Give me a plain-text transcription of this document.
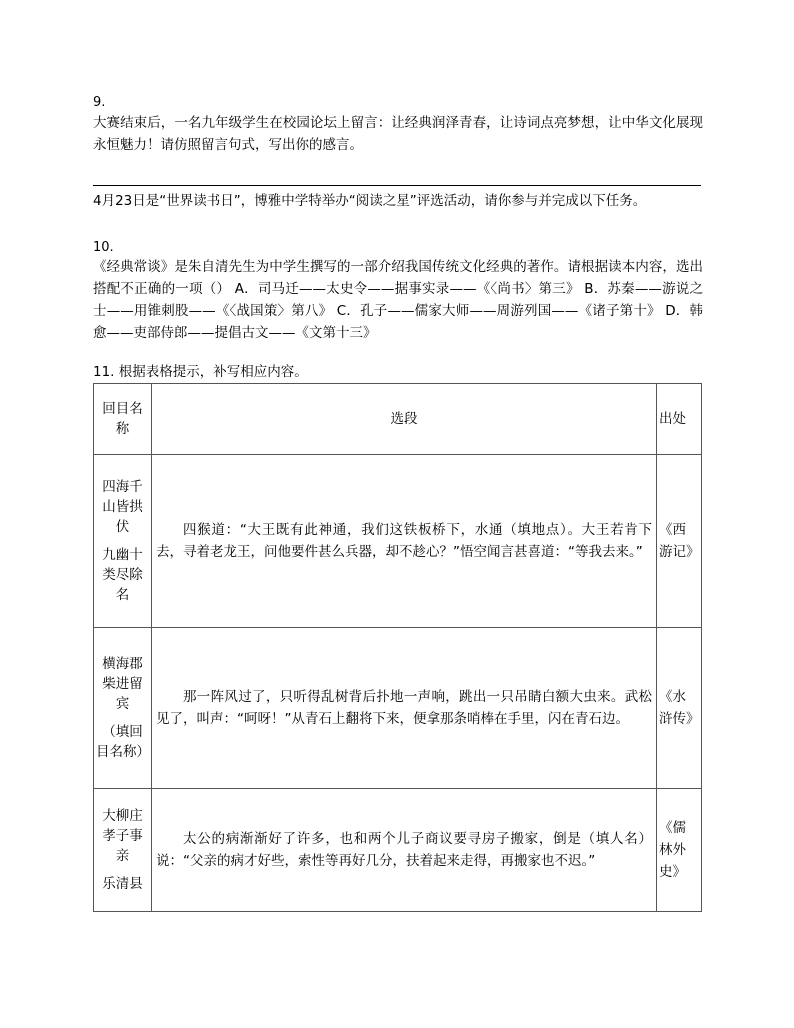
9.
大赛结束后，一名九年级学生在校园论坛上留言：让经典润泽青春，让诗词点亮梦想，让中华文化展现永恒魅力！请仿照留言句式，写出你的感言。
4月23日是“世界读书日”，博雅中学特举办“阅读之星”评选活动，请你参与并完成以下任务。
10.
《经典常谈》是朱自清先生为中学生撰写的一部介绍我国传统文化经典的著作。请根据读本内容，选出搭配不正确的一项（） A．司马迁——太史令——据事实录——《〈尚书〉第三》 B．苏秦——游说之士——用锥刺股——《〈战国策〉第八》 C．孔子——儒家大师——周游列国——《诸子第十》 D．韩愈——吏部侍郎——提倡古文——《文第十三》
11. 根据表格提示，补写相应内容。
回目名称	选段	出处

四海千山皆拱伏
九幽十类尽除名	四猴道：“大王既有此神通，我们这铁板桥下，水通（填地点）。大王若肯下去，寻着老龙王，问他要件甚么兵器，却不趁心？”悟空闻言甚喜道：“等我去来。”	《西游记》

横海郡柴进留宾
（填回目名称）	那一阵风过了，只听得乱树背后扑地一声响，跳出一只吊睛白额大虫来。武松见了，叫声：“呵呀！”从青石上翻将下来，便拿那条哨棒在手里，闪在青石边。	《水浒传》

大柳庄孝子事亲
乐清县	太公的病渐渐好了许多，也和两个儿子商议要寻房子搬家，倒是（填人名）说：“父亲的病才好些，索性等再好几分，扶着起来走得，再搬家也不迟。”	《儒林外史》
